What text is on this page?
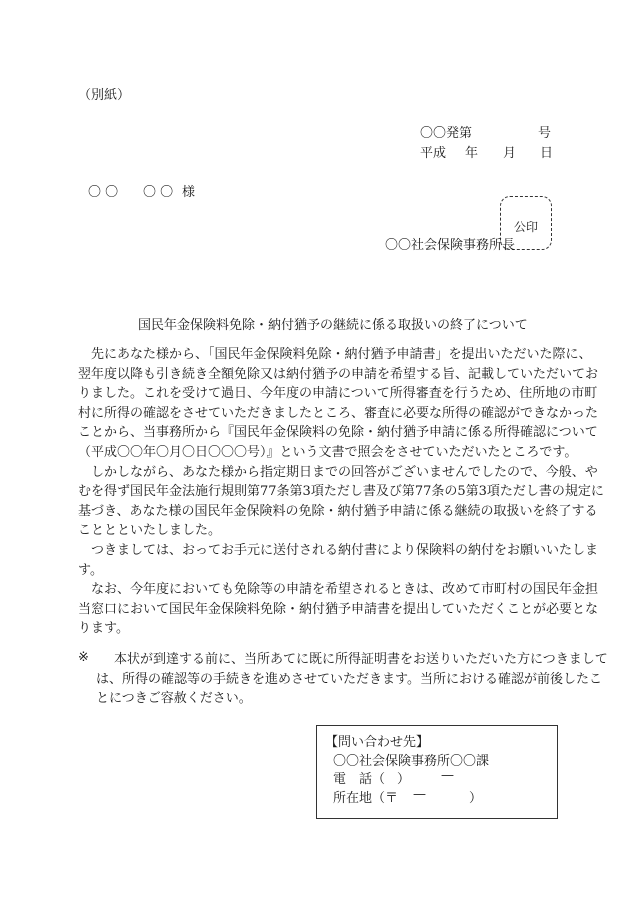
（別紙）
〇〇発第	号
平成 年 月 日
〇 〇 〇 〇 様
公印
〇〇社会保険事務所長
国民年金保険料免除・納付猶予の継続に係る取扱いの終了について
　先にあなた様から、「国民年金保険料免除・納付猶予申請書」を提出いただいた際に、
翌年度以降も引き続き全額免除又は納付猶予の申請を希望する旨、記載していただいてお
りました。これを受けて過日、今年度の申請について所得審査を行うため、住所地の市町
村に所得の確認をさせていただきましたところ、審査に必要な所得の確認ができなかった
ことから、当事務所から『国民年金保険料の免除・納付猶予申請に係る所得確認について
（平成〇〇年〇月〇日〇〇〇号）』という文書で照会をさせていただいたところです。
　しかしながら、あなた様から指定期日までの回答がございませんでしたので、今般、や
むを得ず国民年金法施行規則第77条第3項ただし書及び第77条の5第3項ただし書の規定に
基づき、あなた様の国民年金保険料の免除・納付猶予申請に係る継続の取扱いを終了する
こととといたしました。
　つきましては、おってお手元に送付される納付書により保険料の納付をお願いいたしま
す。
　なお、今年度においても免除等の申請を希望されるときは、改めて市町村の国民年金担
当窓口において国民年金保険料免除・納付猶予申請書を提出していただくことが必要とな
ります。
※	本状が到達する前に、当所あてに既に所得証明書をお送りいただいた方につきまして
は、所得の確認等の手続きを進めさせていただきます。当所における確認が前後したこ
とにつきご容赦ください。
【問い合わせ先】
〇〇社会保険事務所〇〇課
電　話（ ） —
所在地（〒 —	）
